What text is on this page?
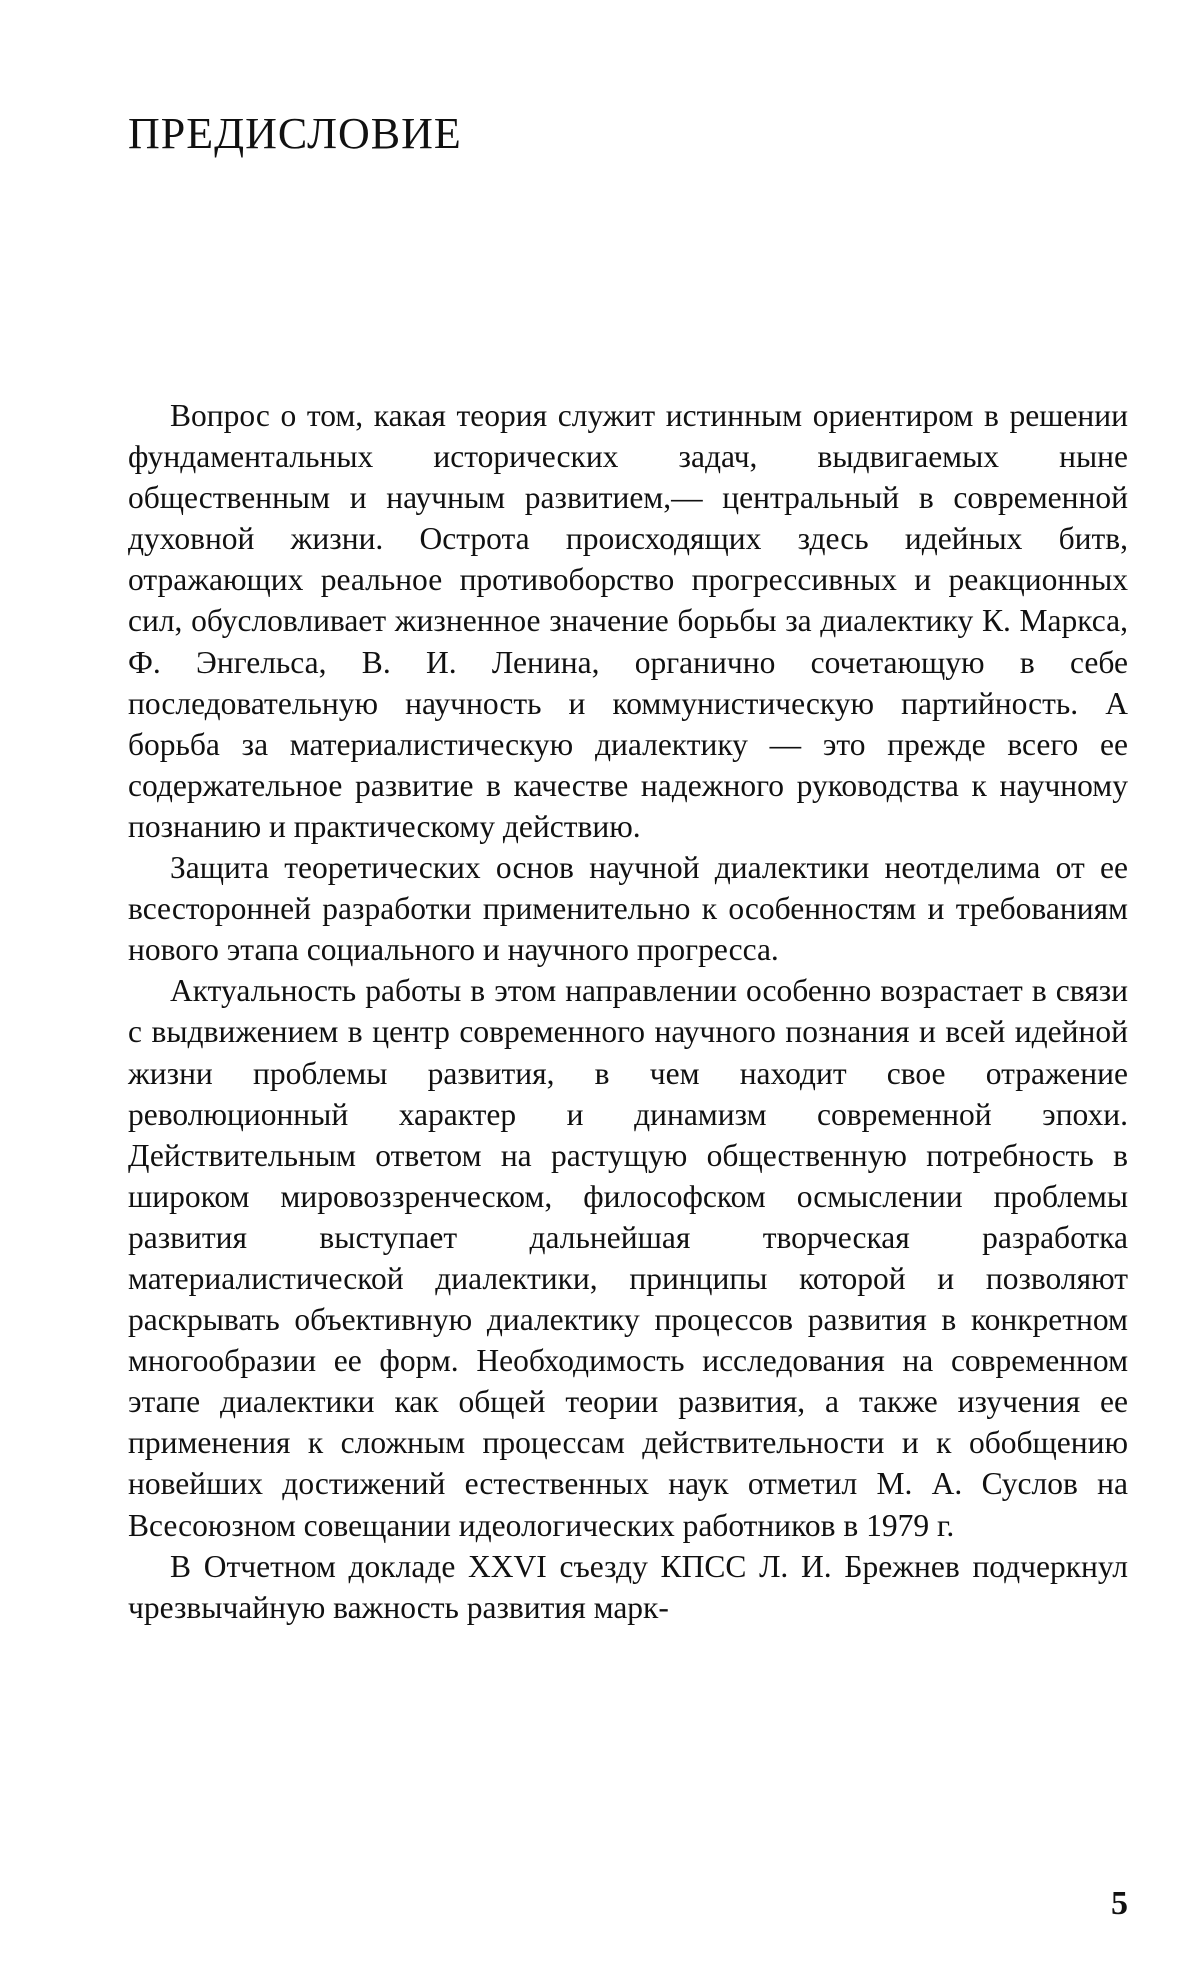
ПРЕДИСЛОВИЕ

Вопрос о том, какая теория служит истинным ориентиром в решении фундаментальных исторических задач, выдвигаемых ныне общественным и научным развитием,— центральный в современной духовной жизни. Острота происходящих здесь идейных битв, отражающих реальное противоборство прогрессивных и реакционных сил, обусловливает жизненное значение борьбы за диалектику К. Маркса, Ф. Энгельса, В. И. Ленина, органично сочетающую в себе последовательную научность и коммунистическую партийность. А борьба за материалистическую диалектику — это прежде всего ее содержательное развитие в качестве надежного руководства к научному познанию и практическому действию.

Защита теоретических основ научной диалектики неотделима от ее всесторонней разработки применительно к особенностям и требованиям нового этапа социального и научного прогресса.

Актуальность работы в этом направлении особенно возрастает в связи с выдвижением в центр современного научного познания и всей идейной жизни проблемы развития, в чем находит свое отражение революционный характер и динамизм современной эпохи. Действительным ответом на растущую общественную потребность в широком мировоззренческом, философском осмыслении проблемы развития выступает дальнейшая творческая разработка материалистической диалектики, принципы которой и позволяют раскрывать объективную диалектику процессов развития в конкретном многообразии ее форм. Необходимость исследования на современном этапе диалектики как общей теории развития, а также изучения ее применения к сложным процессам действительности и к обобщению новейших достижений естественных наук отметил М. А. Суслов на Всесоюзном совещании идеологических работников в 1979 г.

В Отчетном докладе XXVI съезду КПСС Л. И. Брежнев подчеркнул чрезвычайную важность развития марк-

5
